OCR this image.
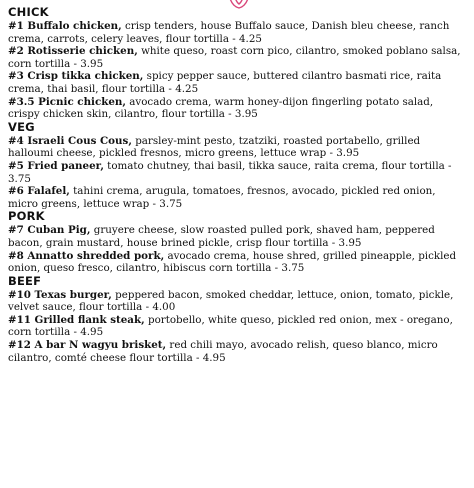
CHICK

#1 Buffalo chicken, crisp tenders, house Buffalo sauce, Danish bleu cheese, ranch crema, carrots, celery leaves, flour tortilla - 4.25

#2 Rotisserie chicken, white queso, roast corn pico, cilantro, smoked poblano salsa, corn tortilla - 3.95

#3 Crisp tikka chicken, spicy pepper sauce, buttered cilantro basmati rice, raita crema, thai basil, flour tortilla - 4.25

#3.5 Picnic chicken, avocado crema, warm honey-dijon fingerling potato salad, crispy chicken skin, cilantro, flour tortilla - 3.95

VEG

#4 Israeli Cous Cous, parsley-mint pesto, tzatziki, roasted portabello, grilled halloumi cheese, pickled fresnos, micro greens, lettuce wrap - 3.95

#5 Fried paneer, tomato chutney, thai basil, tikka sauce, raita crema, flour tortilla - 3.75

#6 Falafel, tahini crema, arugula, tomatoes, fresnos, avocado, pickled red onion, micro greens, lettuce wrap - 3.75

PORK

#7 Cuban Pig, gruyere cheese, slow roasted pulled pork, shaved ham, peppered bacon, grain mustard, house brined pickle, crisp flour tortilla - 3.95

#8 Annatto shredded pork, avocado crema, house shred, grilled pineapple, pickled onion, queso fresco, cilantro, hibiscus corn tortilla - 3.75

BEEF

#10 Texas burger, peppered bacon, smoked cheddar, lettuce, onion, tomato, pickle, velvet sauce, flour tortilla - 4.00

#11 Grilled flank steak, portobello, white queso, pickled red onion, mex - oregano, corn tortilla - 4.95

#12 A bar N wagyu brisket, red chili mayo, avocado relish, queso blanco, micro cilantro, comté cheese flour tortilla - 4.95
